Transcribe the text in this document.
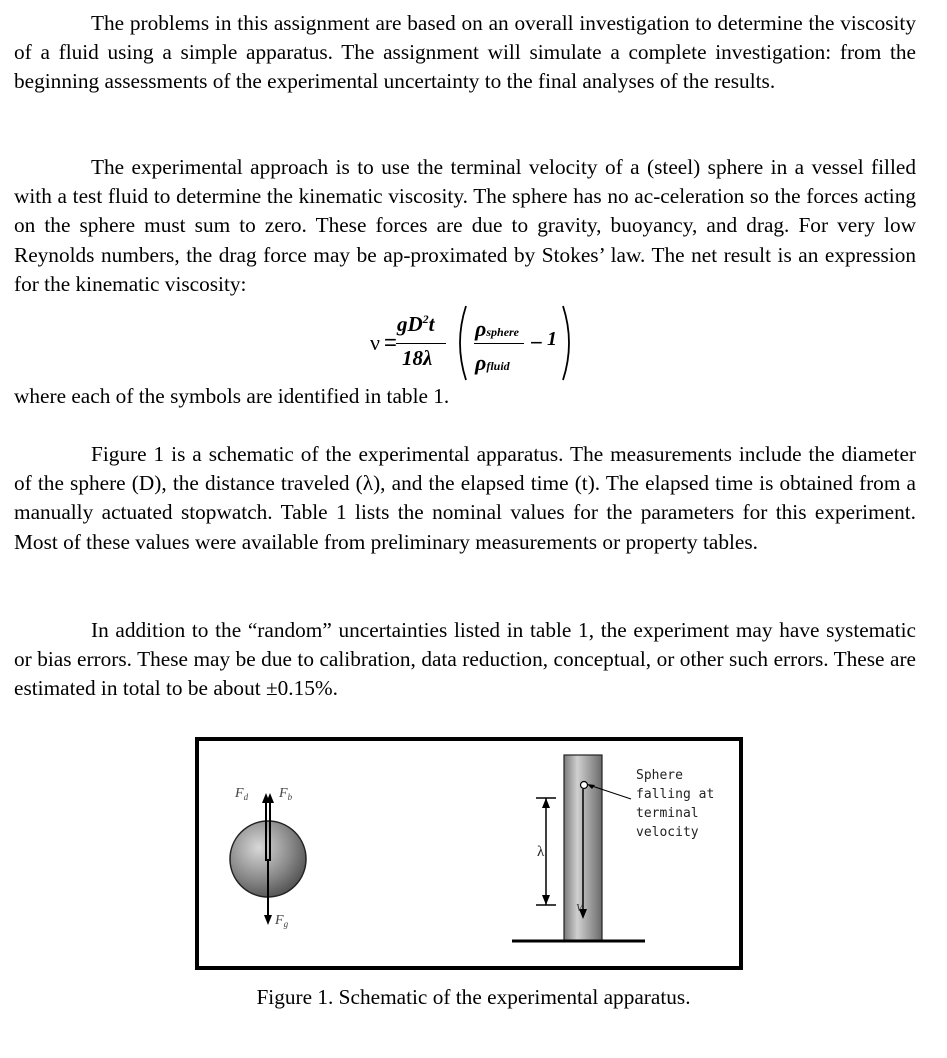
The problems in this assignment are based on an overall investigation to determine the viscosity of a fluid using a simple apparatus. The assignment will simulate a complete investigation: from the beginning assessments of the experimental uncertainty to the final analyses of the results.

The experimental approach is to use the terminal velocity of a (steel) sphere in a vessel filled with a test fluid to determine the kinematic viscosity. The sphere has no ac-celeration so the forces acting on the sphere must sum to zero. These forces are due to gravity, buoyancy, and drag. For very low Reynolds numbers, the drag force may be ap-proximated by Stokes’ law. The net result is an expression for the kinematic viscosity:

ν =
$gD^2t$
18λ
ρsphere
ρfluid
− 1
where each of the symbols are identified in table 1.

Figure 1 is a schematic of the experimental apparatus. The measurements include the diameter of the sphere (D), the distance traveled (λ), and the elapsed time (t). The elapsed time is obtained from a manually actuated stopwatch. Table 1 lists the nominal values for the parameters for this experiment. Most of these values were available from preliminary measurements or property tables.

In addition to the “random” uncertainties listed in table 1, the experiment may have systematic or bias errors. These may be due to calibration, data reduction, conceptual, or other such errors. These are estimated in total to be about ±0.15%.

$F_d$ $F_b$
$F_g$
λ
V
Sphere
falling at
terminal
velocity
Figure 1. Schematic of the experimental apparatus.
